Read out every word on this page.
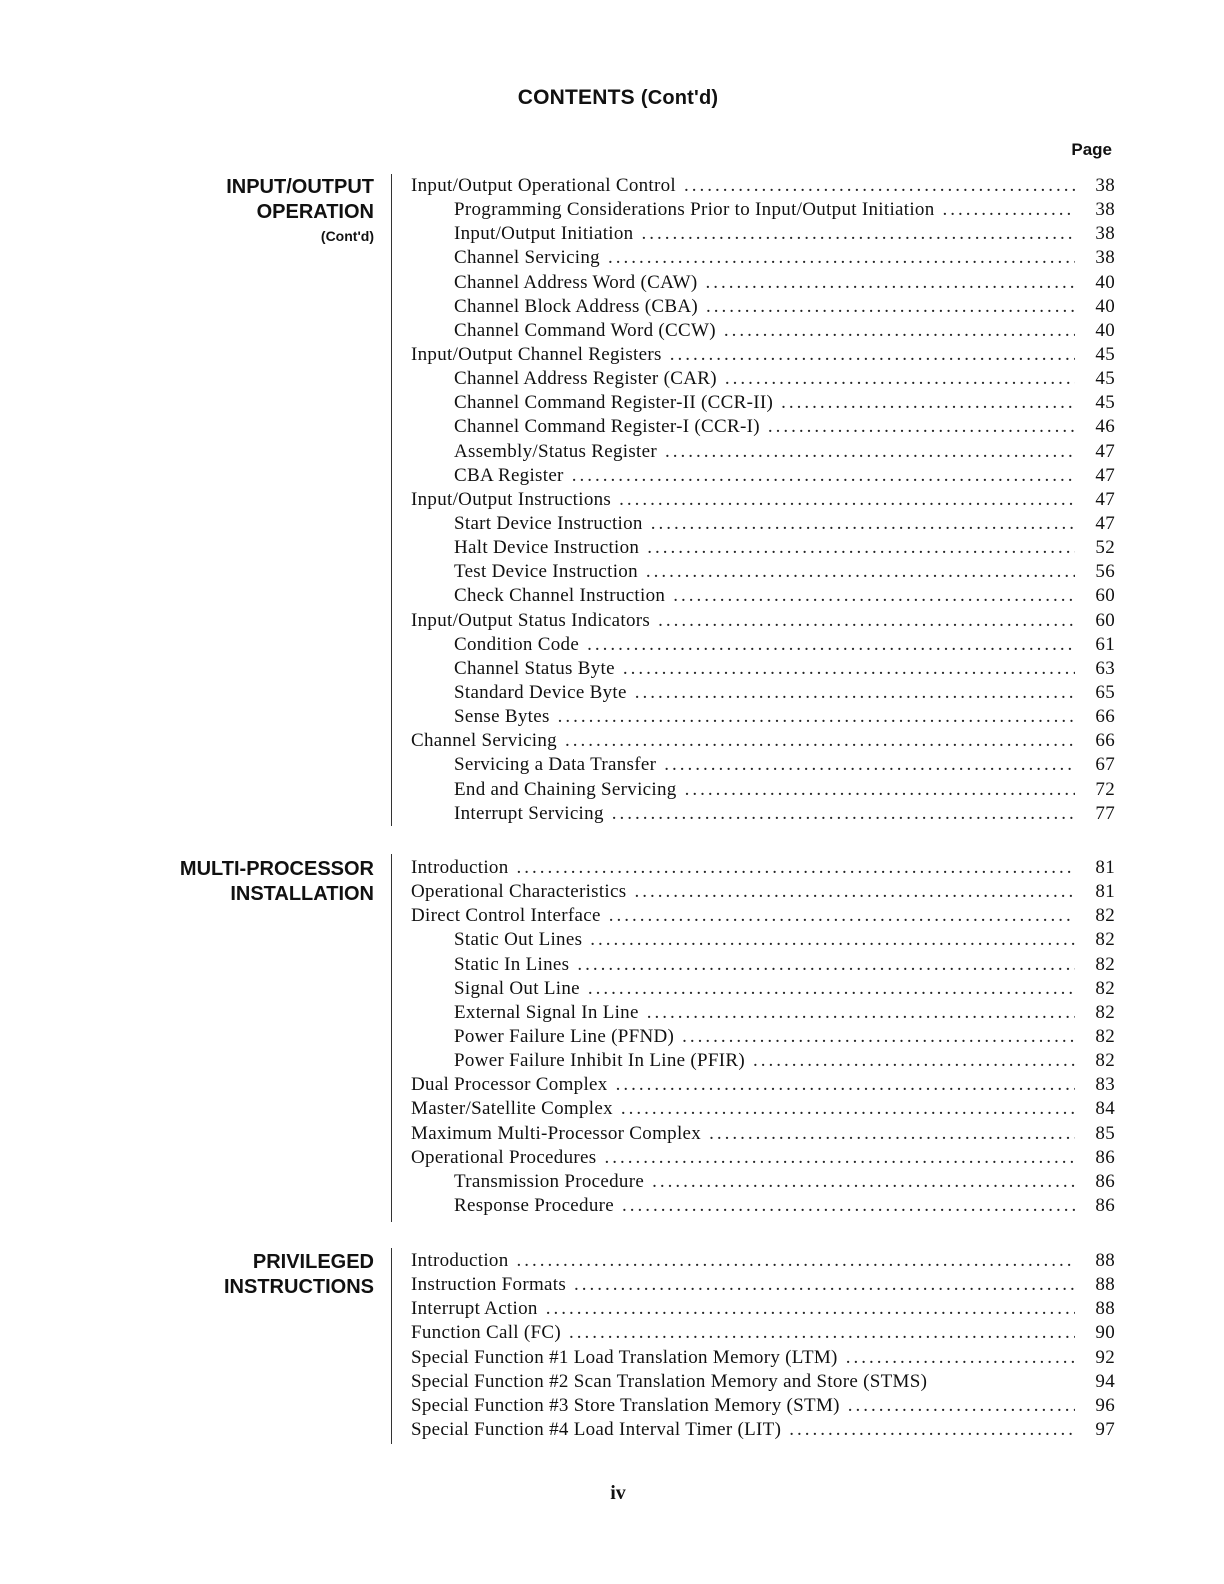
CONTENTS (Cont'd)
Page
INPUT/OUTPUT
OPERATION
(Cont'd)
Input/Output Operational Control .....	38
Programming Considerations Prior to Input/Output Initiation .....	38
Input/Output Initiation .....	38
Channel Servicing .....	38
Channel Address Word (CAW) .....	40
Channel Block Address (CBA) .....	40
Channel Command Word (CCW) .....	40
Input/Output Channel Registers .....	45
Channel Address Register (CAR) .....	45
Channel Command Register-II (CCR-II) .....	45
Channel Command Register-I (CCR-I) .....	46
Assembly/Status Register .....	47
CBA Register .....	47
Input/Output Instructions .....	47
Start Device Instruction .....	47
Halt Device Instruction .....	52
Test Device Instruction .....	56
Check Channel Instruction .....	60
Input/Output Status Indicators .....	60
Condition Code .....	61
Channel Status Byte .....	63
Standard Device Byte .....	65
Sense Bytes .....	66
Channel Servicing .....	66
Servicing a Data Transfer .....	67
End and Chaining Servicing .....	72
Interrupt Servicing .....	77
MULTI-PROCESSOR
INSTALLATION
Introduction .....	81
Operational Characteristics .....	81
Direct Control Interface .....	82
Static Out Lines .....	82
Static In Lines .....	82
Signal Out Line .....	82
External Signal In Line .....	82
Power Failure Line (PFND) .....	82
Power Failure Inhibit In Line (PFIR) .....	82
Dual Processor Complex .....	83
Master/Satellite Complex .....	84
Maximum Multi-Processor Complex .....	85
Operational Procedures .....	86
Transmission Procedure .....	86
Response Procedure .....	86
PRIVILEGED
INSTRUCTIONS
Introduction .....	88
Instruction Formats .....	88
Interrupt Action .....	88
Function Call (FC) .....	90
Special Function #1 Load Translation Memory (LTM) .....	92
Special Function #2 Scan Translation Memory and Store (STMS)	94
Special Function #3 Store Translation Memory (STM) .....	96
Special Function #4 Load Interval Timer (LIT) .....	97
iv
